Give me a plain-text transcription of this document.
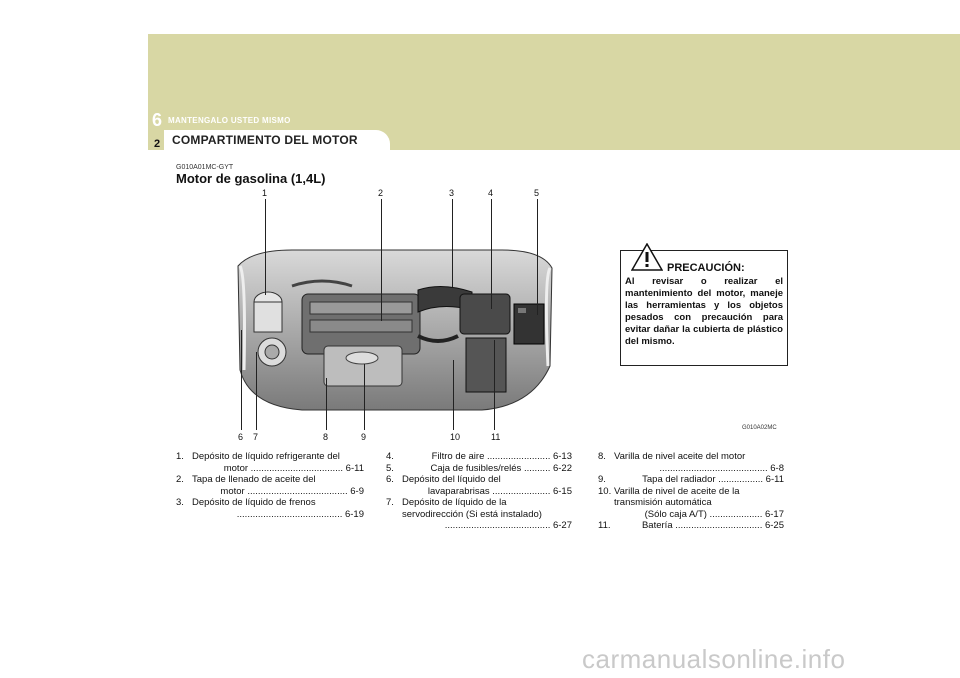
6 MANTENGALO USTED MISMO
2 COMPARTIMENTO DEL MOTOR
G010A01MC-GYT
Motor de gasolina (1,4L)
1	2	3	4	5
6 7	8	9	10	11
PRECAUCIÓN:
Al revisar o realizar el mantenimiento del motor, maneje las herramientas y los objetos pesados con precaución para evitar dañar la cubierta de plástico del mismo.
G010A02MC
1. Depósito de líquido refrigerante del
motor ................................... 6-11
2. Tapa de llenado de aceite del
motor ...................................... 6-9
3. Depósito de líquido de frenos
........................................ 6-19
4.	Filtro de aire ........................ 6-13
5.	Caja de fusibles/relés .......... 6-22
6. Depósito del líquido del
lavaparabrisas ...................... 6-15
7. Depósito de líquido de la
servodirección (Si está instalado)
........................................ 6-27
8. Varilla de nivel aceite del motor
......................................... 6-8
9.	Tapa del radiador ................. 6-11
10. Varilla de nivel de aceite de la
transmisión automática
(Sólo caja A/T) .................... 6-17
11.	Batería ................................. 6-25
carmanualsonline.info
